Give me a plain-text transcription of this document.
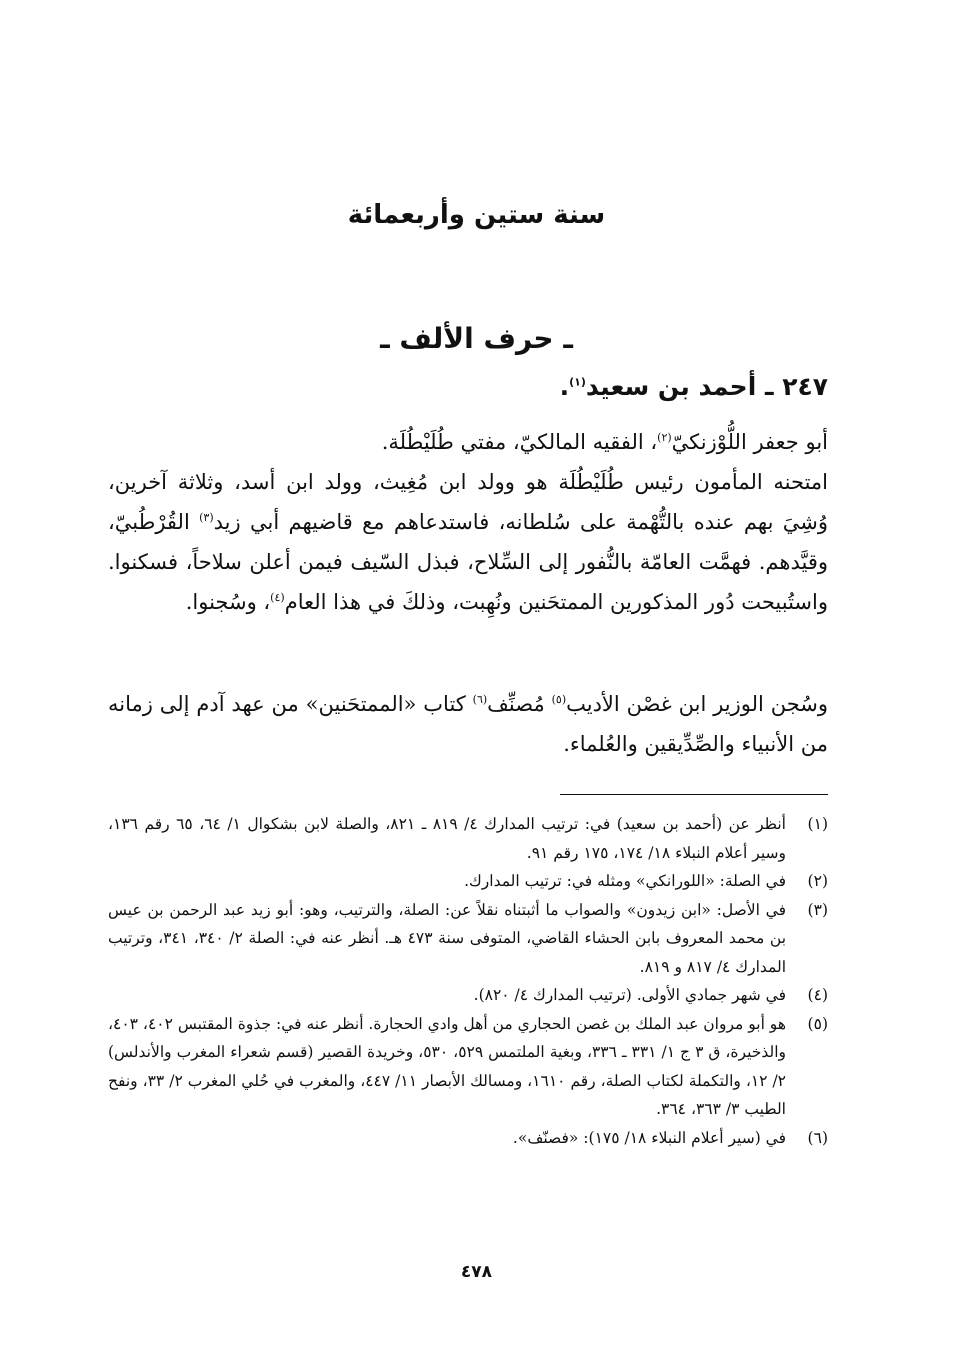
سنة ستين وأربعمائة
ـ حرف الألف ـ
٢٤٧ ـ أحمد بن سعيد$^{(١)}$.

أبو جعفر اللُّوْزنكيّ$^{(٢)}$، الفقيه المالكيّ، مفتي طُلَيْطُلَة.

امتحنه المأمون رئيس طُلَيْطُلَة هو وولد ابن مُغِيث، وولد ابن أسد، وثلاثة آخرين، وُشِيَ بهم عنده بالتُّهْمة على سُلطانه، فاستدعاهم مع قاضيهم أبي زيد$^{(٣)}$ القُرْطُبيّ، وقيَّدهم. فهمَّت العامّة بالنُّفور إلى السِّلاح، فبذل السّيف فيمن أعلن سلاحاً، فسكنوا. واستُبيحت دُور المذكورين الممتحَنين ونُهِبت، وذلكَ في هذا العام$^{(٤)}$، وسُجنوا.

وسُجن الوزير ابن غصْن الأديب$^{(٥)}$ مُصنِّف$^{(٦)}$ كتاب «الممتحَنين» من عهد آدم إلى زمانه من الأنبياء والصِّدِّيقين والعُلماء.

(١)
أنظر عن (أحمد بن سعيد) في: ترتيب المدارك ٤/ ٨١٩ ـ ٨٢١، والصلة لابن بشكوال ١/ ٦٤، ٦٥ رقم ١٣٦، وسير أعلام النبلاء ١٨/ ١٧٤، ١٧٥ رقم ٩١.
(٢)
في الصلة: «اللورانكي» ومثله في: ترتيب المدارك.
(٣)
في الأصل: «ابن زيدون» والصواب ما أثبتناه نقلاً عن: الصلة، والترتيب، وهو: أبو زيد عبد الرحمن بن عيس بن محمد المعروف بابن الحشاء القاضي، المتوفى سنة ٤٧٣ هـ. أنظر عنه في: الصلة ٢/ ٣٤٠، ٣٤١، وترتيب المدارك ٤/ ٨١٧ و ٨١٩.
(٤)
في شهر جمادي الأولى. (ترتيب المدارك ٤/ ٨٢٠).
(٥)
هو أبو مروان عبد الملك بن غصن الحجاري من أهل وادي الحجارة. أنظر عنه في: جذوة المقتبس ٤٠٢، ٤٠٣، والذخيرة، ق ٣ ج ١/ ٣٣١ ـ ٣٣٦، وبغية الملتمس ٥٢٩، ٥٣٠، وخريدة القصير (قسم شعراء المغرب والأندلس) ٢/ ١٢، والتكملة لكتاب الصلة، رقم ١٦١٠، ومسالك الأبصار ١١/ ٤٤٧، والمغرب في حُلي المغرب ٢/ ٣٣، ونفح الطيب ٣/ ٣٦٣، ٣٦٤.
(٦)
في (سير أعلام النبلاء ١٨/ ١٧٥): «فصنّف».
٤٧٨
